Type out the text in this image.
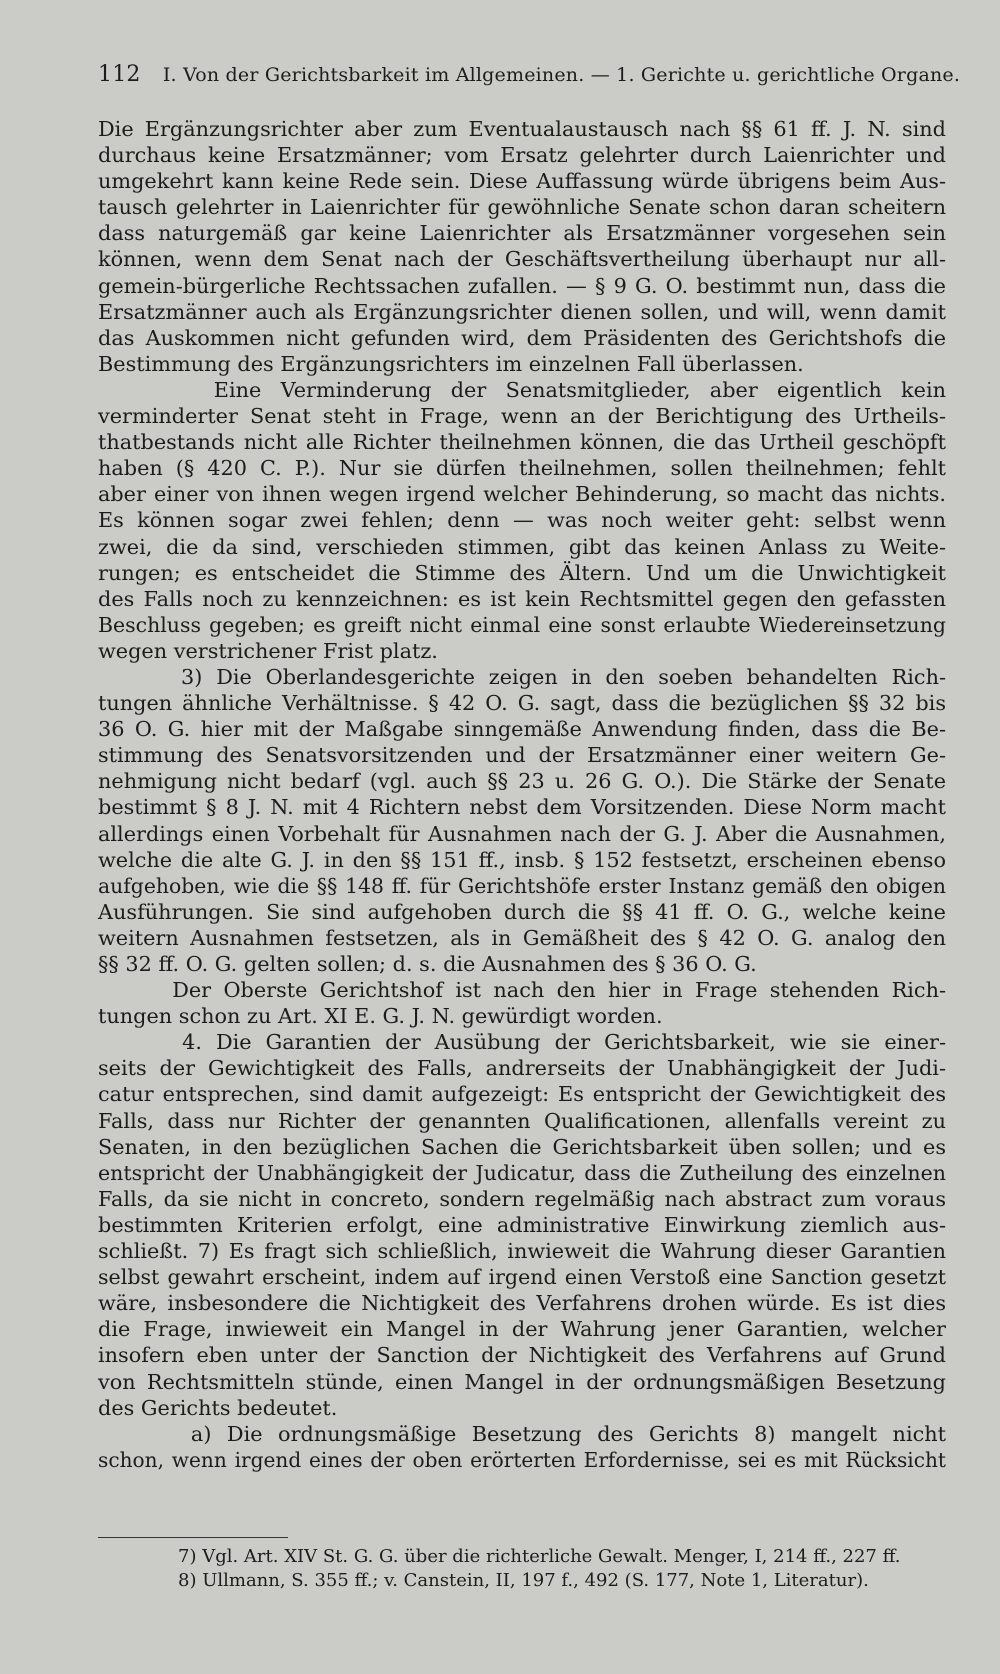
112 I. Von der Gerichtsbarkeit im Allgemeinen. — 1. Gerichte u. gerichtliche Organe.
Die Ergänzungsrichter aber zum Eventualaustausch nach §§ 61 ff. J. N. sind
durchaus keine Ersatzmänner; vom Ersatz gelehrter durch Laienrichter und
umgekehrt kann keine Rede sein. Diese Auffassung würde übrigens beim Aus-
tausch gelehrter in Laienrichter für gewöhnliche Senate schon daran scheitern
dass naturgemäß gar keine Laienrichter als Ersatzmänner vorgesehen sein
können, wenn dem Senat nach der Geschäftsvertheilung überhaupt nur all-
gemein-bürgerliche Rechtssachen zufallen. — § 9 G. O. bestimmt nun, dass die
Ersatzmänner auch als Ergänzungsrichter dienen sollen, und will, wenn damit
das Auskommen nicht gefunden wird, dem Präsidenten des Gerichtshofs die
Bestimmung des Ergänzungsrichters im einzelnen Fall überlassen.
Eine Verminderung der Senatsmitglieder, aber eigentlich kein
verminderter Senat steht in Frage, wenn an der Berichtigung des Urtheils-
thatbestands nicht alle Richter theilnehmen können, die das Urtheil geschöpft
haben (§ 420 C. P.). Nur sie dürfen theilnehmen, sollen theilnehmen; fehlt
aber einer von ihnen wegen irgend welcher Behinderung, so macht das nichts.
Es können sogar zwei fehlen; denn — was noch weiter geht: selbst wenn
zwei, die da sind, verschieden stimmen, gibt das keinen Anlass zu Weite-
rungen; es entscheidet die Stimme des Ältern. Und um die Unwichtigkeit
des Falls noch zu kennzeichnen: es ist kein Rechtsmittel gegen den gefassten
Beschluss gegeben; es greift nicht einmal eine sonst erlaubte Wiedereinsetzung
wegen verstrichener Frist platz.
3) Die Oberlandesgerichte zeigen in den soeben behandelten Rich-
tungen ähnliche Verhältnisse. § 42 O. G. sagt, dass die bezüglichen §§ 32 bis
36 O. G. hier mit der Maßgabe sinngemäße Anwendung finden, dass die Be-
stimmung des Senatsvorsitzenden und der Ersatzmänner einer weitern Ge-
nehmigung nicht bedarf (vgl. auch §§ 23 u. 26 G. O.). Die Stärke der Senate
bestimmt § 8 J. N. mit 4 Richtern nebst dem Vorsitzenden. Diese Norm macht
allerdings einen Vorbehalt für Ausnahmen nach der G. J. Aber die Ausnahmen,
welche die alte G. J. in den §§ 151 ff., insb. § 152 festsetzt, erscheinen ebenso
aufgehoben, wie die §§ 148 ff. für Gerichtshöfe erster Instanz gemäß den obigen
Ausführungen. Sie sind aufgehoben durch die §§ 41 ff. O. G., welche keine
weitern Ausnahmen festsetzen, als in Gemäßheit des § 42 O. G. analog den
§§ 32 ff. O. G. gelten sollen; d. s. die Ausnahmen des § 36 O. G.
Der Oberste Gerichtshof ist nach den hier in Frage stehenden Rich-
tungen schon zu Art. XI E. G. J. N. gewürdigt worden.
4. Die Garantien der Ausübung der Gerichtsbarkeit, wie sie einer-
seits der Gewichtigkeit des Falls, andrerseits der Unabhängigkeit der Judi-
catur entsprechen, sind damit aufgezeigt: Es entspricht der Gewichtigkeit des
Falls, dass nur Richter der genannten Qualificationen, allenfalls vereint zu
Senaten, in den bezüglichen Sachen die Gerichtsbarkeit üben sollen; und es
entspricht der Unabhängigkeit der Judicatur, dass die Zutheilung des einzelnen
Falls, da sie nicht in concreto, sondern regelmäßig nach abstract zum voraus
bestimmten Kriterien erfolgt, eine administrative Einwirkung ziemlich aus-
schließt. 7) Es fragt sich schließlich, inwieweit die Wahrung dieser Garantien
selbst gewahrt erscheint, indem auf irgend einen Verstoß eine Sanction gesetzt
wäre, insbesondere die Nichtigkeit des Verfahrens drohen würde. Es ist dies
die Frage, inwieweit ein Mangel in der Wahrung jener Garantien, welcher
insofern eben unter der Sanction der Nichtigkeit des Verfahrens auf Grund
von Rechtsmitteln stünde, einen Mangel in der ordnungsmäßigen Besetzung
des Gerichts bedeutet.
a) Die ordnungsmäßige Besetzung des Gerichts 8) mangelt nicht
schon, wenn irgend eines der oben erörterten Erfordernisse, sei es mit Rücksicht
7) Vgl. Art. XIV St. G. G. über die richterliche Gewalt. Menger, I, 214 ff., 227 ff.
8) Ullmann, S. 355 ff.; v. Canstein, II, 197 f., 492 (S. 177, Note 1, Literatur).
